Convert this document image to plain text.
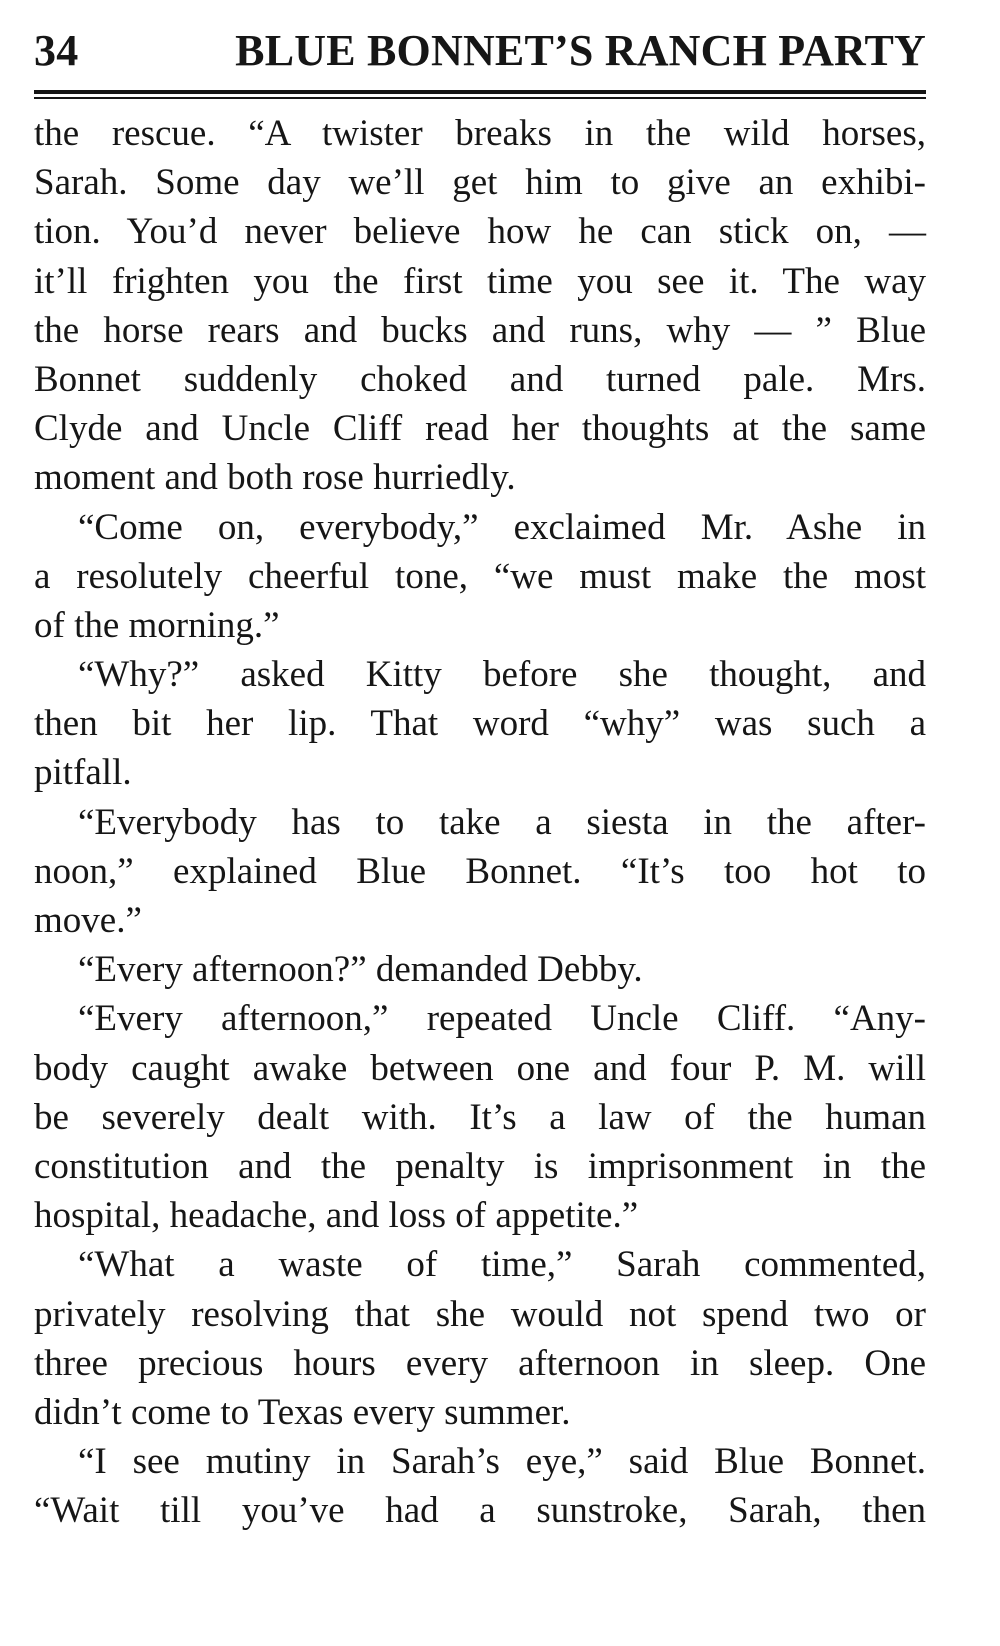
34	BLUE BONNET’S RANCH PARTY
the rescue. “A twister breaks in the wild horses,
Sarah. Some day we’ll get him to give an exhibi-
tion. You’d never believe how he can stick on, —
it’ll frighten you the first time you see it. The way
the horse rears and bucks and runs, why — ” Blue
Bonnet suddenly choked and turned pale. Mrs.
Clyde and Uncle Cliff read her thoughts at the same
moment and both rose hurriedly.
“Come on, everybody,” exclaimed Mr. Ashe in
a resolutely cheerful tone, “we must make the most
of the morning.”
“Why?” asked Kitty before she thought, and
then bit her lip. That word “why” was such a
pitfall.
“Everybody has to take a siesta in the after-
noon,” explained Blue Bonnet. “It’s too hot to
move.”
“Every afternoon?” demanded Debby.
“Every afternoon,” repeated Uncle Cliff. “Any-
body caught awake between one and four P. M. will
be severely dealt with. It’s a law of the human
constitution and the penalty is imprisonment in the
hospital, headache, and loss of appetite.”
“What a waste of time,” Sarah commented,
privately resolving that she would not spend two or
three precious hours every afternoon in sleep. One
didn’t come to Texas every summer.
“I see mutiny in Sarah’s eye,” said Blue Bonnet.
“Wait till you’ve had a sunstroke, Sarah, then
